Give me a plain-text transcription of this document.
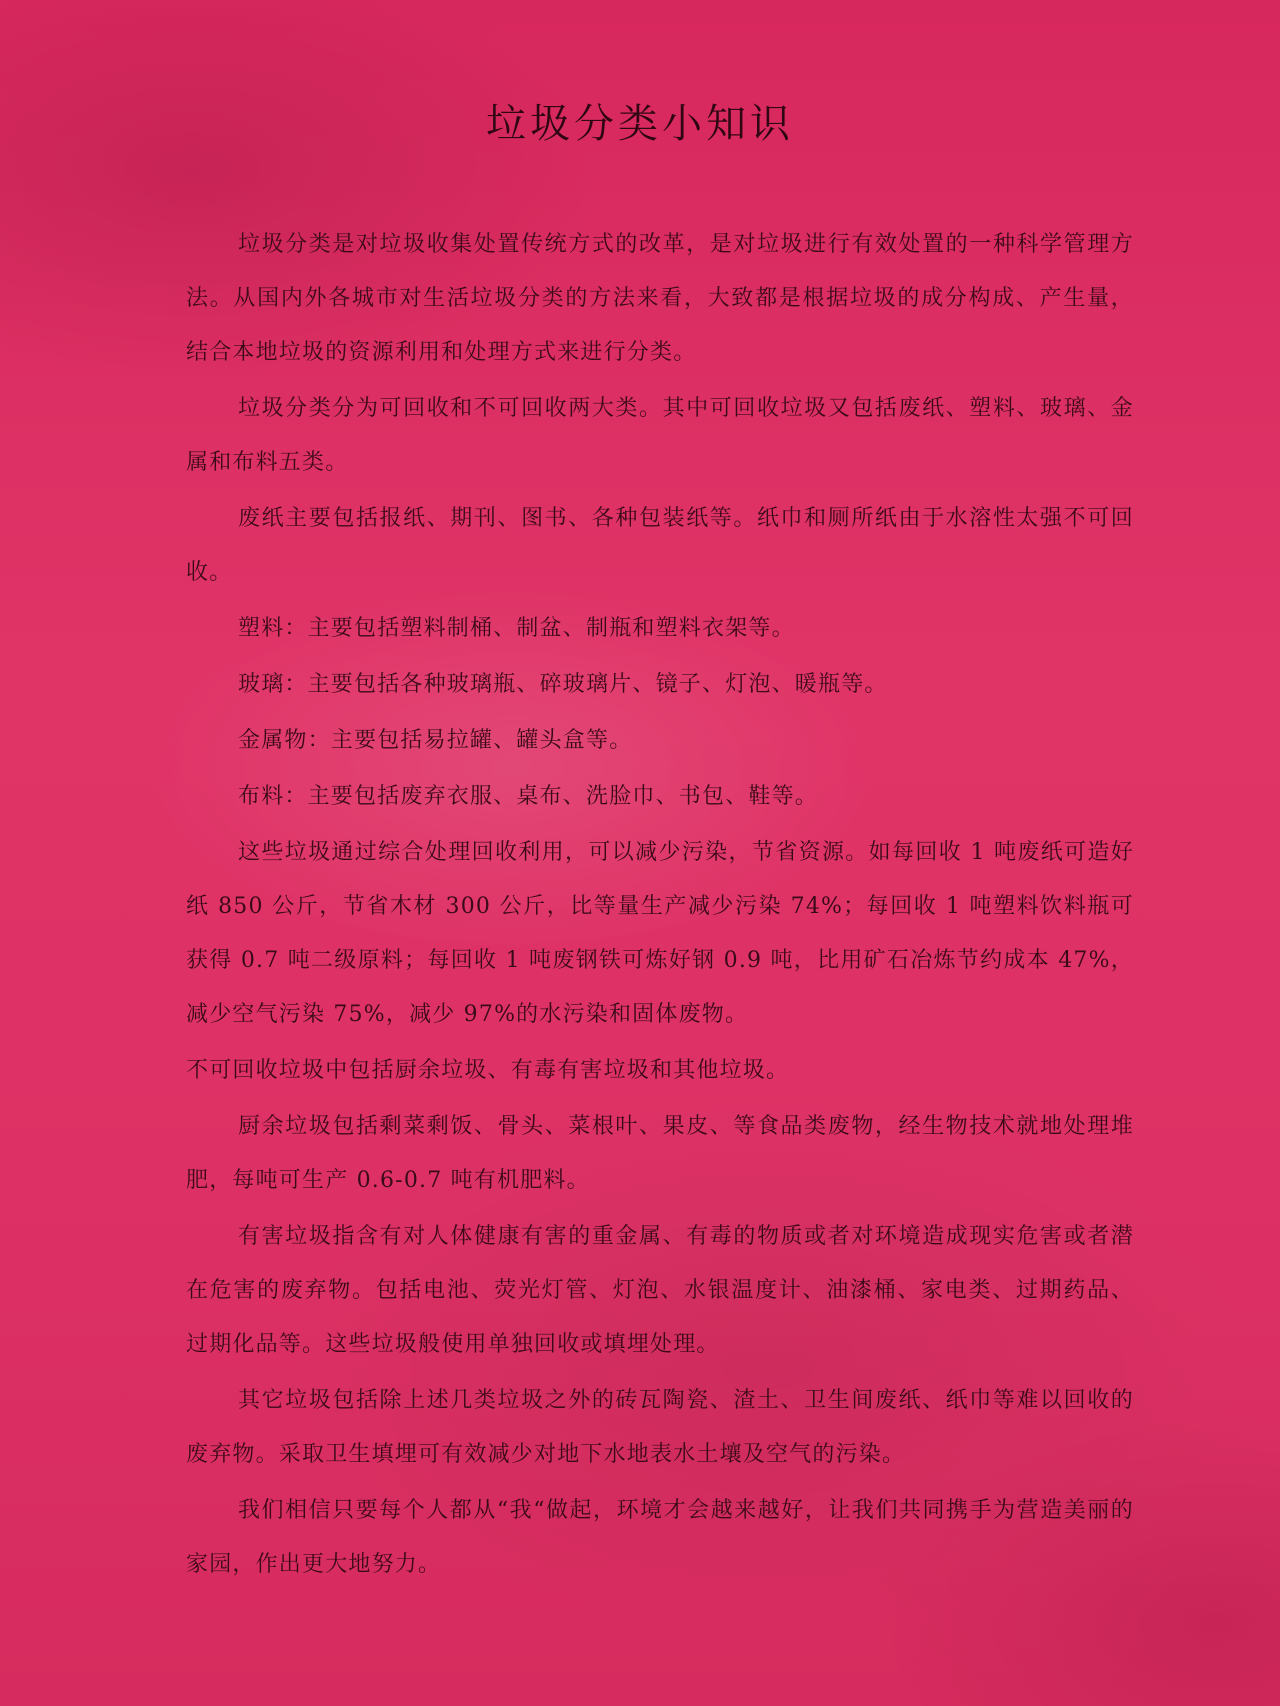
垃圾分类小知识

垃圾分类是对垃圾收集处置传统方式的改革，是对垃圾进行有效处置的一种科学管理方法。从国内外各城市对生活垃圾分类的方法来看，大致都是根据垃圾的成分构成、产生量，结合本地垃圾的资源利用和处理方式来进行分类。

垃圾分类分为可回收和不可回收两大类。其中可回收垃圾又包括废纸、塑料、玻璃、金属和布料五类。

废纸主要包括报纸、期刊、图书、各种包装纸等。纸巾和厕所纸由于水溶性太强不可回收。

塑料：主要包括塑料制桶、制盆、制瓶和塑料衣架等。

玻璃：主要包括各种玻璃瓶、碎玻璃片、镜子、灯泡、暖瓶等。

金属物：主要包括易拉罐、罐头盒等。

布料：主要包括废弃衣服、桌布、洗脸巾、书包、鞋等。

这些垃圾通过综合处理回收利用，可以减少污染，节省资源。如每回收 1 吨废纸可造好纸 850 公斤，节省木材 300 公斤，比等量生产减少污染 74%；每回收 1 吨塑料饮料瓶可获得 0.7 吨二级原料；每回收 1 吨废钢铁可炼好钢 0.9 吨，比用矿石冶炼节约成本 47%，减少空气污染 75%，减少 97%的水污染和固体废物。

不可回收垃圾中包括厨余垃圾、有毒有害垃圾和其他垃圾。

厨余垃圾包括剩菜剩饭、骨头、菜根叶、果皮、等食品类废物，经生物技术就地处理堆肥，每吨可生产 0.6-0.7 吨有机肥料。

有害垃圾指含有对人体健康有害的重金属、有毒的物质或者对环境造成现实危害或者潜在危害的废弃物。包括电池、荧光灯管、灯泡、水银温度计、油漆桶、家电类、过期药品、过期化品等。这些垃圾般使用单独回收或填埋处理。

其它垃圾包括除上述几类垃圾之外的砖瓦陶瓷、渣土、卫生间废纸、纸巾等难以回收的废弃物。采取卫生填埋可有效减少对地下水地表水土壤及空气的污染。

我们相信只要每个人都从“我“做起，环境才会越来越好，让我们共同携手为营造美丽的家园，作出更大地努力。
